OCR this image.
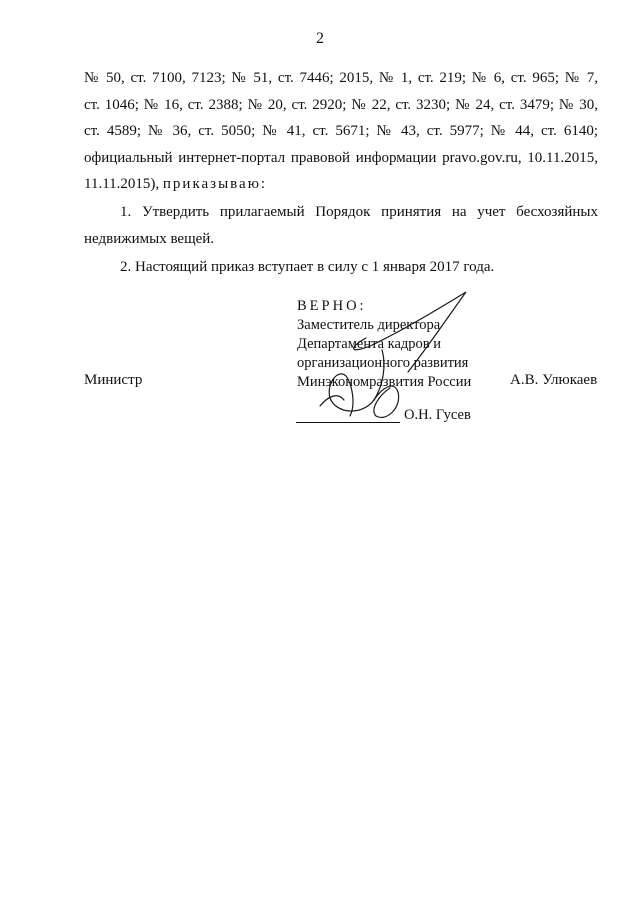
2
№ 50, ст. 7100, 7123; № 51, ст. 7446; 2015, № 1, ст. 219; № 6, ст. 965; № 7,
ст. 1046; № 16, ст. 2388; № 20, ст. 2920; № 22, ст. 3230; № 24, ст. 3479; № 30,
ст. 4589; № 36, ст. 5050; № 41, ст. 5671; № 43, ст. 5977; № 44, ст. 6140;
официальный интернет-портал правовой информации pravo.gov.ru, 10.11.2015,
11.11.2015), приказываю:
1. Утвердить прилагаемый Порядок принятия на учет бесхозяйных
недвижимых вещей.
2. Настоящий приказ вступает в силу с 1 января 2017 года.
ВЕРНО:
Заместитель директора
Департамента кадров и
организационного развития
Минэкономразвития России
Министр	А.В. Улюкаев
О.Н. Гусев
